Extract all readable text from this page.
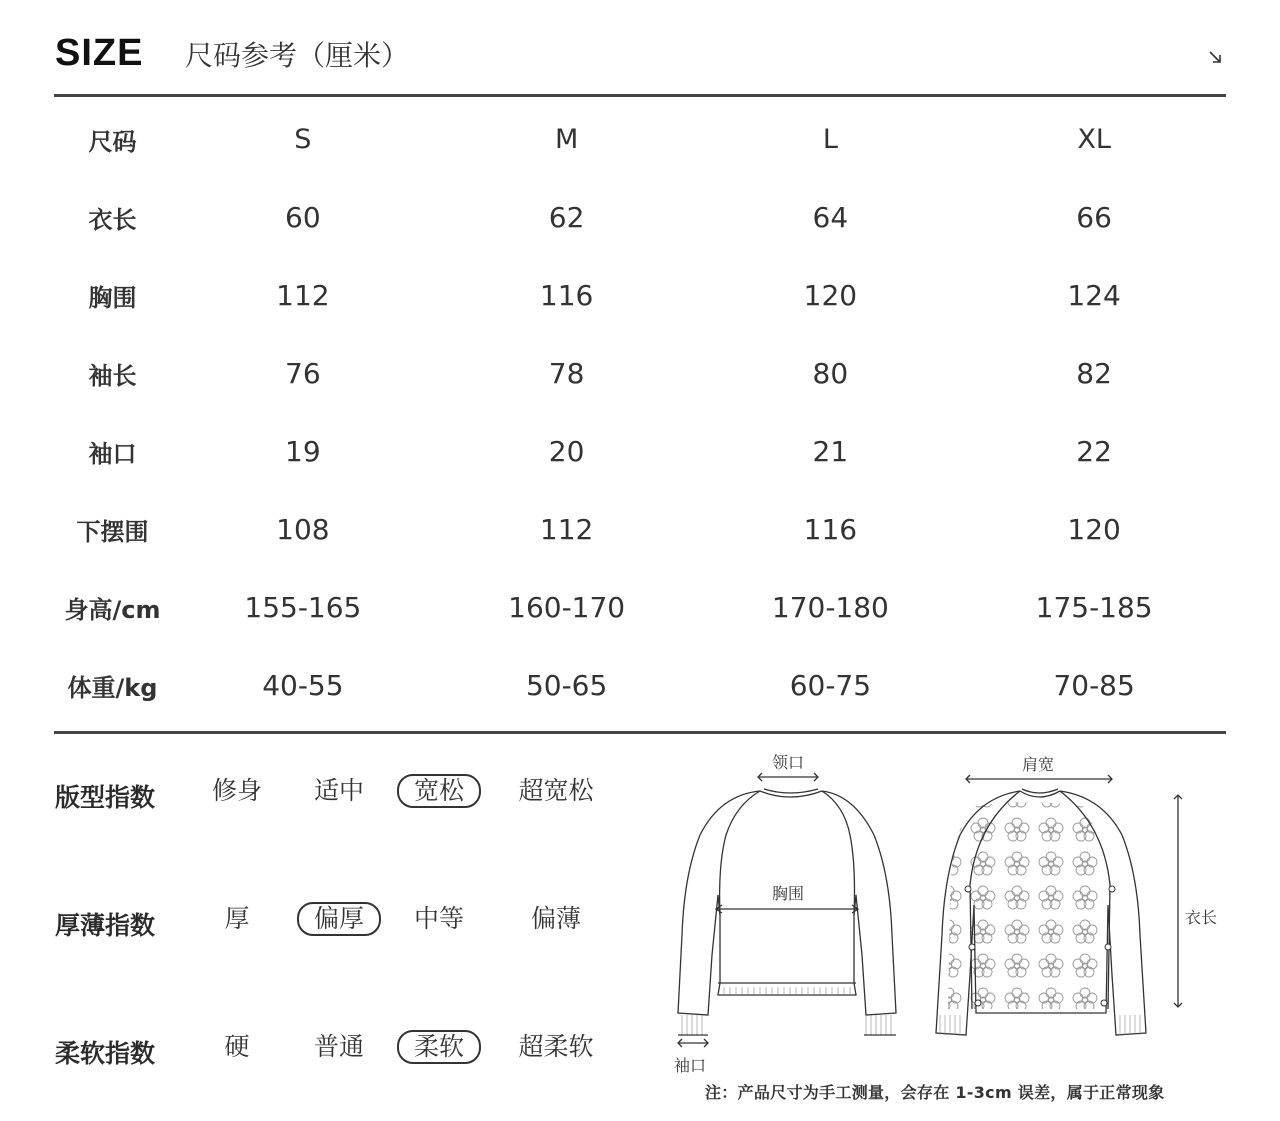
SIZE 尺码参考（厘米）
尺码	S	M	L	XL
衣长	60	62	64	66
胸围	112	116	120	124
袖长	76	78	80	82
袖口	19	20	21	22
下摆围	108	112	116	120
身高/cm	155-165	160-170	170-180	175-185
体重/kg	40-55	50-65	60-75	70-85
版型指数	修身	适中	宽松	超宽松
厚薄指数	厚	偏厚	中等	偏薄
柔软指数	硬	普通	柔软	超柔软
领口	肩宽
胸围
衣长
袖口
注：产品尺寸为手工测量，会存在 1-3cm 误差，属于正常现象
